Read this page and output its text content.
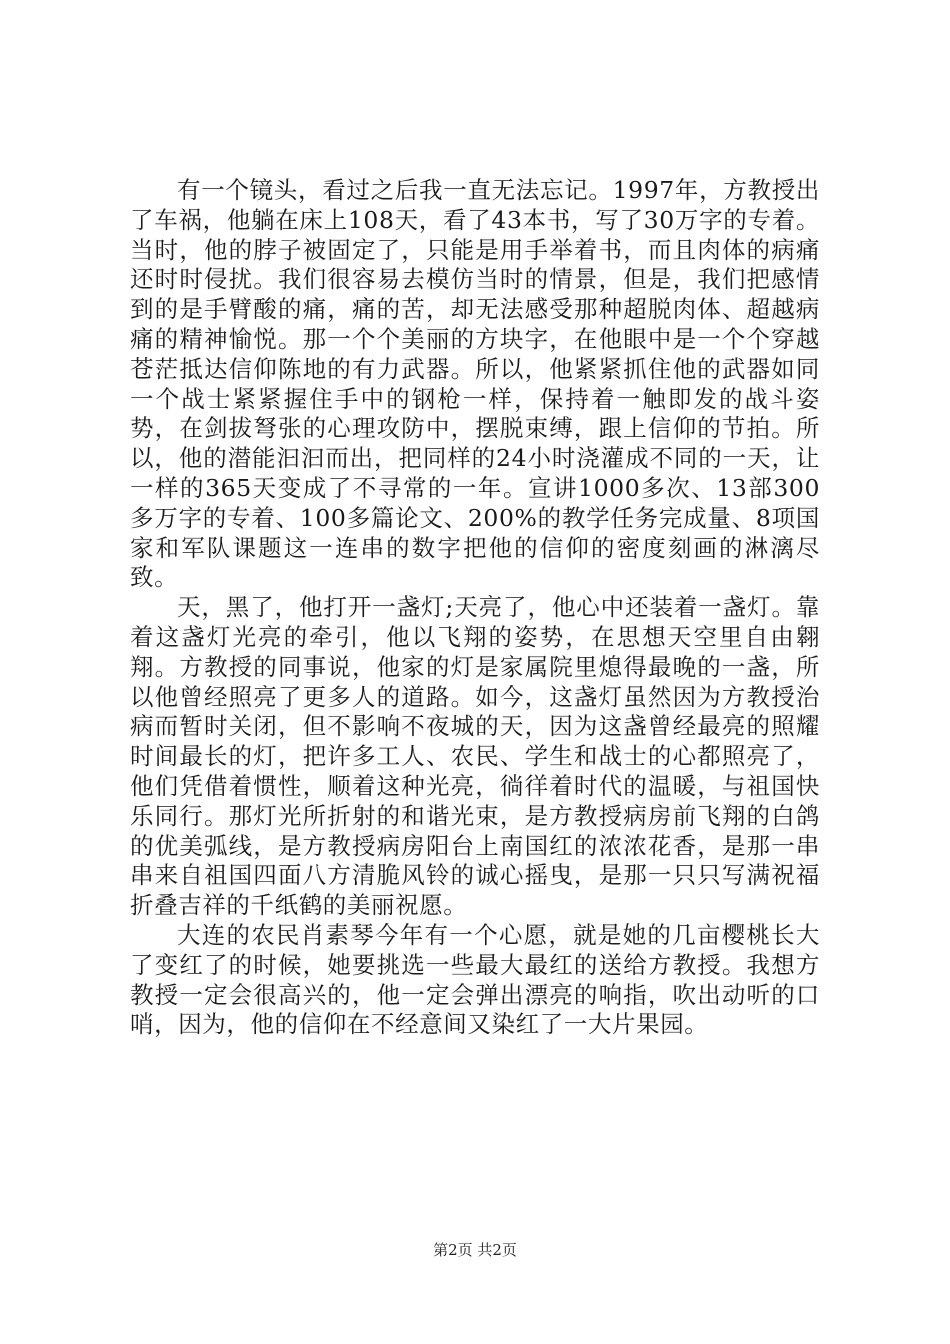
有一个镜头，看过之后我一直无法忘记。1997年，方教授出了车祸，他躺在床上108天，看了43本书，写了30万字的专着。当时，他的脖子被固定了，只能是用手举着书，而且肉体的病痛还时时侵扰。我们很容易去模仿当时的情景，但是，我们把感情到的是手臂酸的痛，痛的苦，却无法感受那种超脱肉体、超越病痛的精神愉悦。那一个个美丽的方块字，在他眼中是一个个穿越苍茫抵达信仰陈地的有力武器。所以，他紧紧抓住他的武器如同一个战士紧紧握住手中的钢枪一样，保持着一触即发的战斗姿势，在剑拔弩张的心理攻防中，摆脱束缚，跟上信仰的节拍。所以，他的潜能汩汩而出，把同样的24小时浇灌成不同的一天，让一样的365天变成了不寻常的一年。宣讲1000多次、13部300多万字的专着、100多篇论文、200%的教学任务完成量、8项国家和军队课题这一连串的数字把他的信仰的密度刻画的淋漓尽致。

天，黑了，他打开一盏灯;天亮了，他心中还装着一盏灯。靠着这盏灯光亮的牵引，他以飞翔的姿势，在思想天空里自由翱翔。方教授的同事说，他家的灯是家属院里熄得最晚的一盏，所以他曾经照亮了更多人的道路。如今，这盏灯虽然因为方教授治病而暂时关闭，但不影响不夜城的天，因为这盏曾经最亮的照耀时间最长的灯，把许多工人、农民、学生和战士的心都照亮了，他们凭借着惯性，顺着这种光亮，徜徉着时代的温暖，与祖国快乐同行。那灯光所折射的和谐光束，是方教授病房前飞翔的白鸽的优美弧线，是方教授病房阳台上南国红的浓浓花香，是那一串串来自祖国四面八方清脆风铃的诚心摇曳，是那一只只写满祝福折叠吉祥的千纸鹤的美丽祝愿。

大连的农民肖素琴今年有一个心愿，就是她的几亩樱桃长大了变红了的时候，她要挑选一些最大最红的送给方教授。我想方教授一定会很高兴的，他一定会弹出漂亮的响指，吹出动听的口哨，因为，他的信仰在不经意间又染红了一大片果园。

第2页 共2页
